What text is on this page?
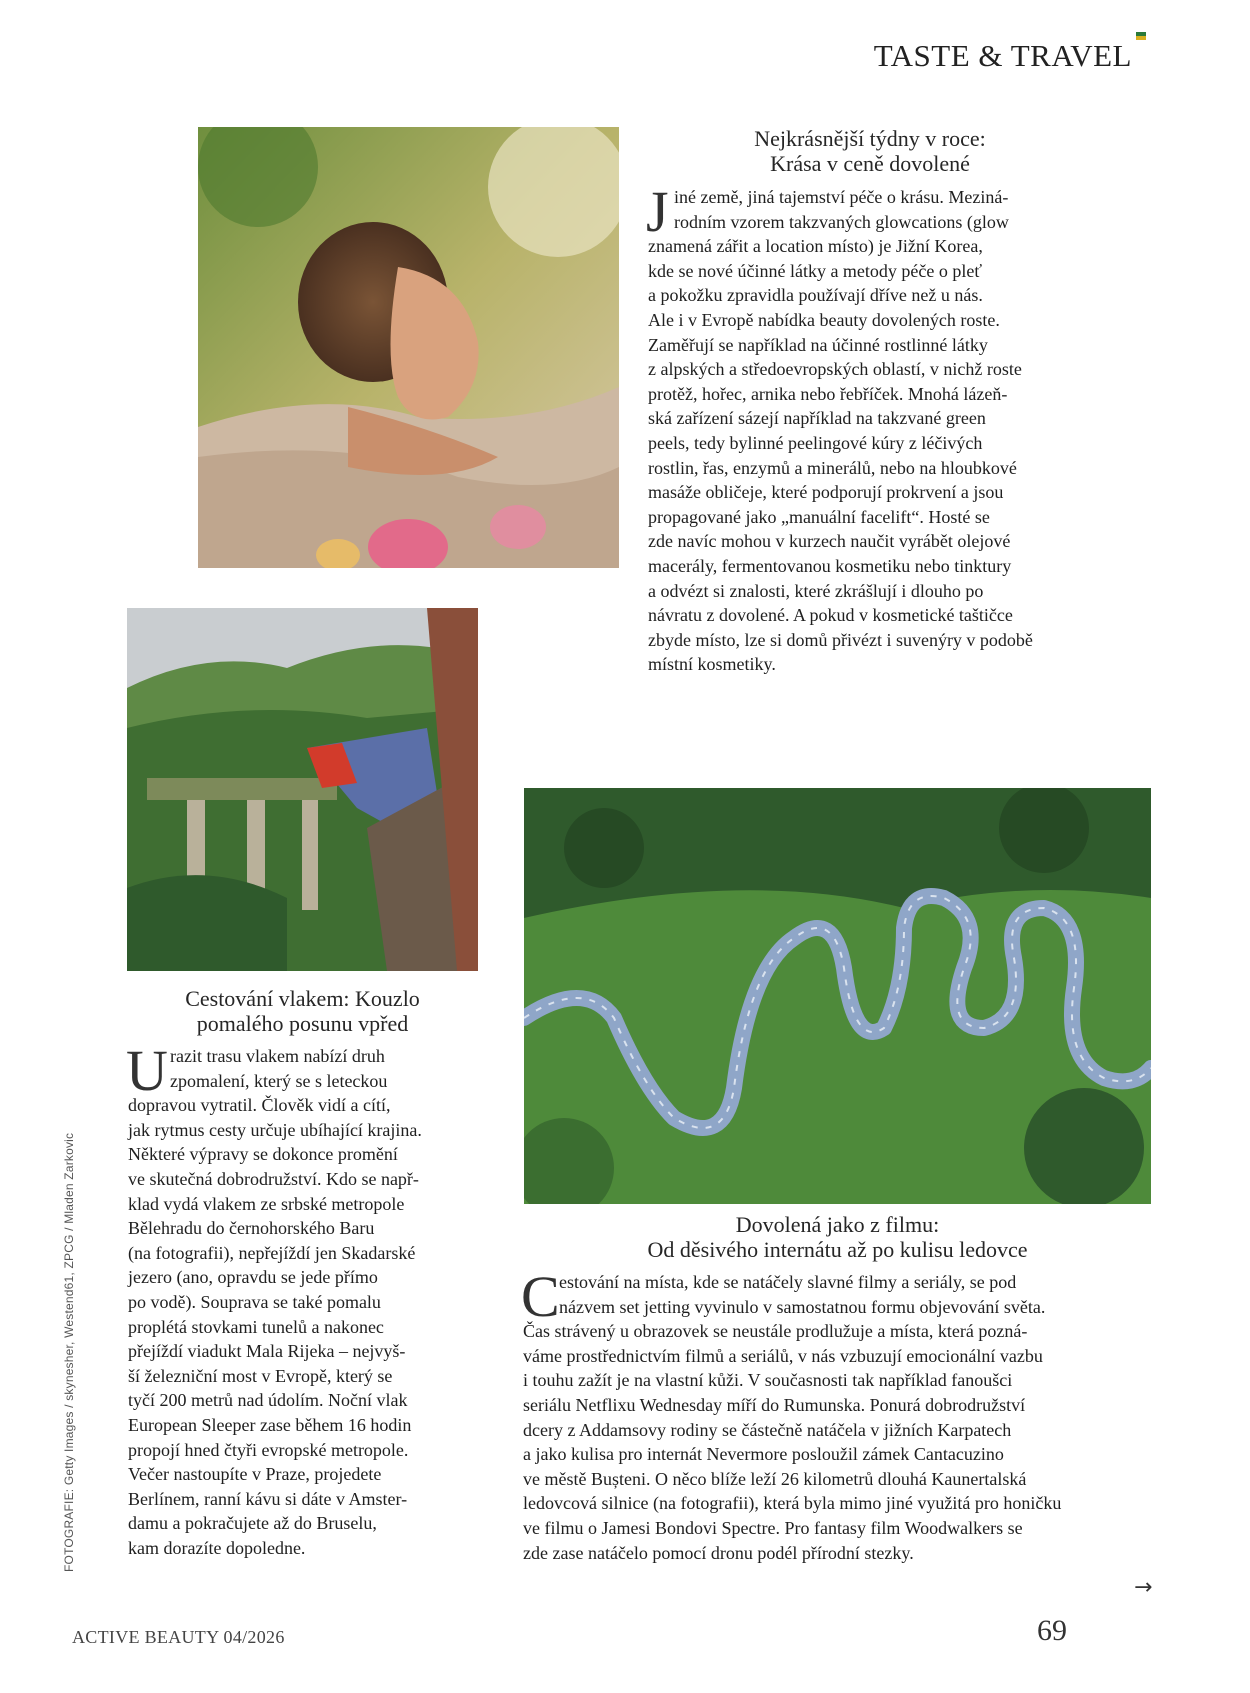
TASTE & TRAVEL
Nejkrásnější týdny v roce:
Krása v ceně dovolené
J iné země, jiná tajemství péče o krásu. Meziná-
rodním vzorem takzvaných glowcations (glow
znamená zářit a location místo) je Jižní Korea,
kde se nové účinné látky a metody péče o pleť
a pokožku zpravidla používají dříve než u nás.
Ale i v Evropě nabídka beauty dovolených roste.
Zaměřují se například na účinné rostlinné látky
z alpských a středoevropských oblastí, v nichž roste
protěž, hořec, arnika nebo řebříček. Mnohá lázeň-
ská zařízení sázejí například na takzvané green
peels, tedy bylinné peelingové kúry z léčivých
rostlin, řas, enzymů a minerálů, nebo na hloubkové
masáže obličeje, které podporují prokrvení a jsou
propagované jako „manuální facelift“. Hosté se
zde navíc mohou v kurzech naučit vyrábět olejové
macerály, fermentovanou kosmetiku nebo tinktury
a odvézt si znalosti, které zkrášlují i dlouho po
návratu z dovolené. A pokud v kosmetické taštičce
zbyde místo, lze si domů přivézt i suvenýry v podobě
místní kosmetiky.
Cestování vlakem: Kouzlo
pomalého posunu vpřed
U razit trasu vlakem nabízí druh
zpomalení, který se s leteckou
dopravou vytratil. Člověk vidí a cítí,
jak rytmus cesty určuje ubíhající krajina.
Některé výpravy se dokonce promění
ve skutečná dobrodružství. Kdo se např-
klad vydá vlakem ze srbské metropole
Bělehradu do černohorského Baru
(na fotografii), nepřejíždí jen Skadarské
jezero (ano, opravdu se jede přímo
po vodě). Souprava se také pomalu
proplétá stovkami tunelů a nakonec
přejíždí viadukt Mala Rijeka – nejvyš-
ší železniční most v Evropě, který se
tyčí 200 metrů nad údolím. Noční vlak
European Sleeper zase během 16 hodin
propojí hned čtyři evropské metropole.
Večer nastoupíte v Praze, projedete
Berlínem, ranní kávu si dáte v Amster-
damu a pokračujete až do Bruselu,
kam dorazíte dopoledne.
Dovolená jako z filmu:
Od děsivého internátu až po kulisu ledovce
C estování na místa, kde se natáčely slavné filmy a seriály, se pod
názvem set jetting vyvinulo v samostatnou formu objevování světa.
Čas strávený u obrazovek se neustále prodlužuje a místa, která pozná-
váme prostřednictvím filmů a seriálů, v nás vzbuzují emocionální vazbu
i touhu zažít je na vlastní kůži. V současnosti tak například fanoušci
seriálu Netflixu Wednesday míří do Rumunska. Ponurá dobrodružství
dcery z Addamsovy rodiny se částečně natáčela v jižních Karpatech
a jako kulisa pro internát Nevermore posloužil zámek Cantacuzino
ve městě Bușteni. O něco blíže leží 26 kilometrů dlouhá Kaunertalská
ledovcová silnice (na fotografii), která byla mimo jiné využitá pro honičku
ve filmu o Jamesi Bondovi Spectre. Pro fantasy film Woodwalkers se
zde zase natáčelo pomocí dronu podél přírodní stezky.
FOTOGRAFIE: Getty Images / skynesher, Westend61, ZPCG / Mladen Zarkovic
ACTIVE BEAUTY 04/2026
→
69
